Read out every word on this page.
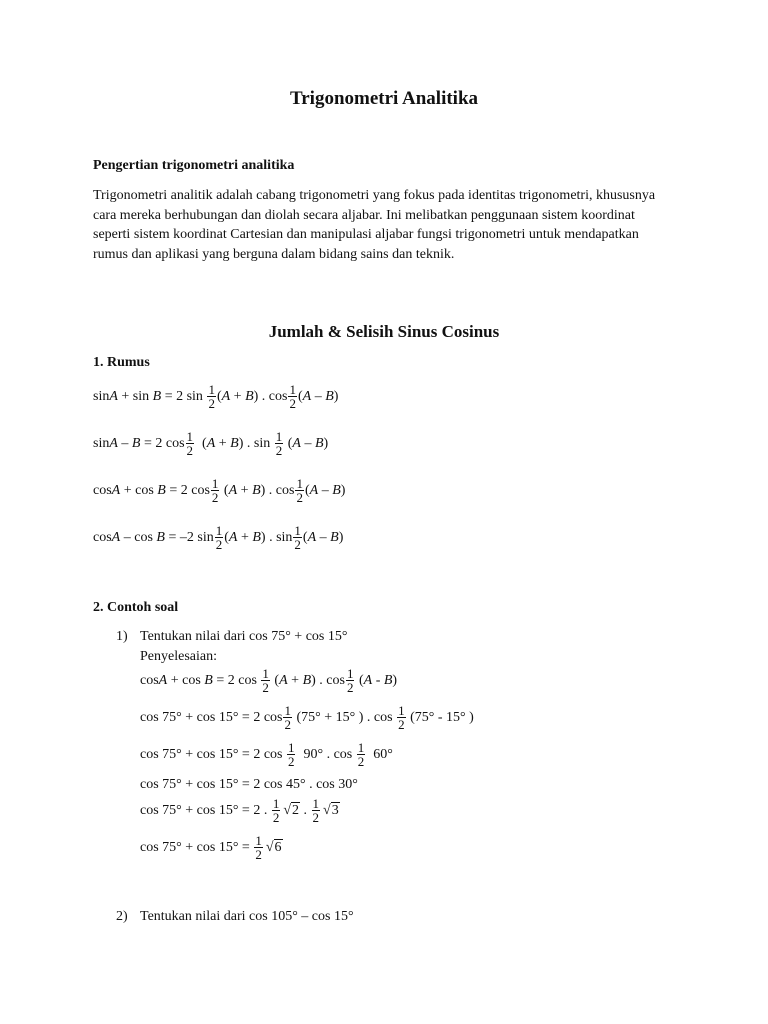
Trigonometri Analitika
Pengertian trigonometri analitika
Trigonometri analitik adalah cabang trigonometri yang fokus pada identitas trigonometri, khususnya cara mereka berhubungan dan diolah secara aljabar. Ini melibatkan penggunaan sistem koordinat seperti sistem koordinat Cartesian dan manipulasi aljabar fungsi trigonometri untuk mendapatkan rumus dan aplikasi yang berguna dalam bidang sains dan teknik.
Jumlah & Selisih Sinus Cosinus
1. Rumus
sin A + sin B = 2 $\sin \frac{1}{2}$ ( A + B ) . $\cos \frac{1}{2}$ ( A – B )
sin A – B = 2 $\cos \frac{1}{2}$ ( A + B ) . $\sin \frac{1}{2}$ ( A – B )
cos A + cos B = 2 $\cos \frac{1}{2}$ ( A + B ) . $\cos \frac{1}{2}$ ( A – B )
cos A – cos B = –2 $\sin \frac{1}{2}$ ( A + B ) . $\sin \frac{1}{2}$ ( A – B )
2. Contoh soal
1) Tentukan nilai dari cos 75° + cos 15°
Penyelesaian:
cos A + cos B = 2 $\cos \frac{1}{2}$ ( A + B ) . $\cos \frac{1}{2}$ ( A - B )
cos 75° + cos 15° = 2 $\cos \frac{1}{2} (75^\circ + 15^\circ$ ) . $\cos \frac{1}{2} (75^\circ - 15^\circ$ )
cos 75° + cos 15° = 2 $\cos \frac{1}{2} 90^\circ$ . $\cos \frac{1}{2} 60^\circ$
cos 75° + cos 15° = 2 cos 45° . cos 30°
cos 75° + cos 15° = 2 . $\frac{1}{2}$ √ 2 . $\frac{1}{2}$ √ 3
$\cos 75^\circ + \cos 15^\circ = \frac{1}{2}$ √ 6
2) Tentukan nilai dari cos 105° – cos 15°
